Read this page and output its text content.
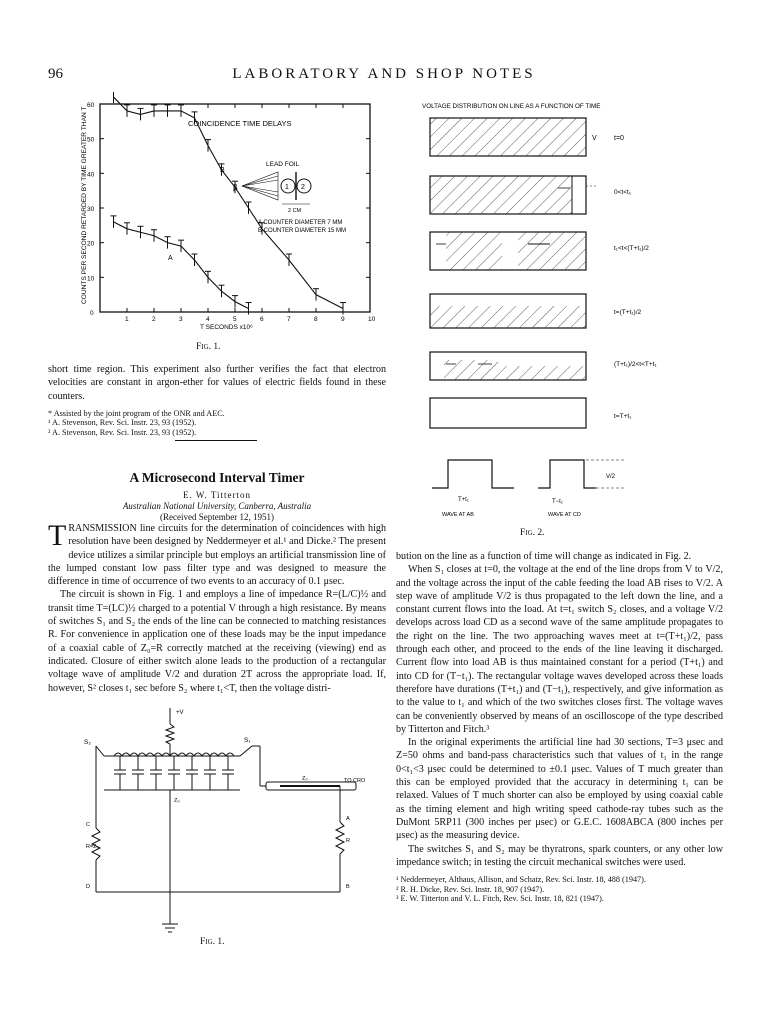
96	LABORATORY AND SHOP NOTES
1	2	3	4	5	6	7	8	9	10
0
10
20
30
40
50
60
COINCIDENCE TIME DELAYS
COUNTS PER SECOND RETARDED BY TIME GREATER THAN T
T SECONDS x10⁶
B
A
LEAD FOIL
β	1 2
2 CM
A COUNTER DIAMETER 7 MM
B COUNTER DIAMETER 15 MM
Fig. 1.

short time region. This experiment also further verifies the fact that electron velocities are constant in argon-ether for values of electric fields found in these counters.

* Assisted by the joint program of the ONR and AEC.
¹ A. Stevenson, Rev. Sci. Instr. 23, 93 (1952).
² A. Stevenson, Rev. Sci. Instr. 23, 93 (1952).
A Microsecond Interval Timer
E. W. Titterton
Australian National University, Canberra, Australia
(Received September 12, 1951)

TRANSMISSION line circuits for the determination of coincidences with high resolution have been designed by Neddermeyer et al.¹ and Dicke.² The present device utilizes a similar principle but employs an artificial transmission line of the lumped constant low pass filter type and was designed to measure the difference in time of occurrence of two events to an accuracy of 0.1 μsec.

The circuit is shown in Fig. 1 and employs a line of impedance R=(L/C)½ and transit time T=(LC)½ charged to a potential V through a high resistance. By means of switches S₁ and S₂ the ends of the line can be connected to matching resistances R. For convenience in application one of these loads may be the input impedance of a coaxial cable of Z₀=R correctly matched at the receiving (viewing) end as indicated. Closure of either switch alone leads to the production of a rectangular voltage wave of amplitude V/2 and duration 2T across the appropriate load. If, however, S² closes t₁ sec before S₂ where t₁<T, then the voltage distri-

VOLTAGE DISTRIBUTION ON LINE AS A FUNCTION OF TIME
V t=0
0<t<t₁
t₁<t<(T+t₁)/2
t=(T+t₁)/2
(T+t₁)/2<t<T+t₁
t=T+t₁
V/2
T+t₁	T−t₁
WAVE AT AB	WAVE AT CD
Fig. 2.

bution on the line as a function of time will change as indicated in Fig. 2.

When S₁ closes at t=0, the voltage at the end of the line drops from V to V/2, and the voltage across the input of the cable feeding the load AB rises to V/2. A step wave of amplitude V/2 is thus propagated to the left down the line, and a constant current flows into the load. At t=t₁ switch S₂ closes, and a voltage V/2 develops across load CD as a second wave of the same amplitude propagates to the right on the line. The two approaching waves meet at t=(T+t₁)/2, pass through each other, and proceed to the ends of the line leaving it discharged. Current flow into load AB is thus maintained constant for a period (T+t₁) and into CD for (T−t₁). The rectangular voltage waves developed across these loads therefore have durations (T+t₁) and (T−t₁), respectively, and give information as to the value to t₁ and which of the two switches closes first. The voltage waves can be conveniently observed by means of an oscilloscope of the type described by Titterton and Fitch.³

In the original experiments the artificial line had 30 sections, T=3 μsec and Z=50 ohms and band-pass characteristics such that values of t₁ in the range 0<t₁<3 μsec could be determined to ±0.1 μsec. Values of T much greater than this can be employed provided that the accuracy in determining t₁ can be relaxed. Values of T much shorter can also be employed by using coaxial cable as the timing element and high writing speed cathode-ray tubes such as the DuMont 5RP11 (300 inches per μsec) or G.E.C. 1608ABCA (800 inches per μsec) as the measuring device.

The switches S₁ and S₂ may be thyratrons, spark counters, or any other low impedance switch; in testing the circuit mechanical switches were used.

¹ Neddermeyer, Althaus, Allison, and Schatz, Rev. Sci. Instr. 18, 488 (1947).
² R. H. Dicke, Rev. Sci. Instr. 18, 907 (1947).
³ E. W. Titterton and V. L. Fitch, Rev. Sci. Instr. 18, 821 (1947).
+V
S₂	S₁
Z₀
Z₀	TO CRO
C
R=Z₀
D
A
R
B
Fig. 1.
